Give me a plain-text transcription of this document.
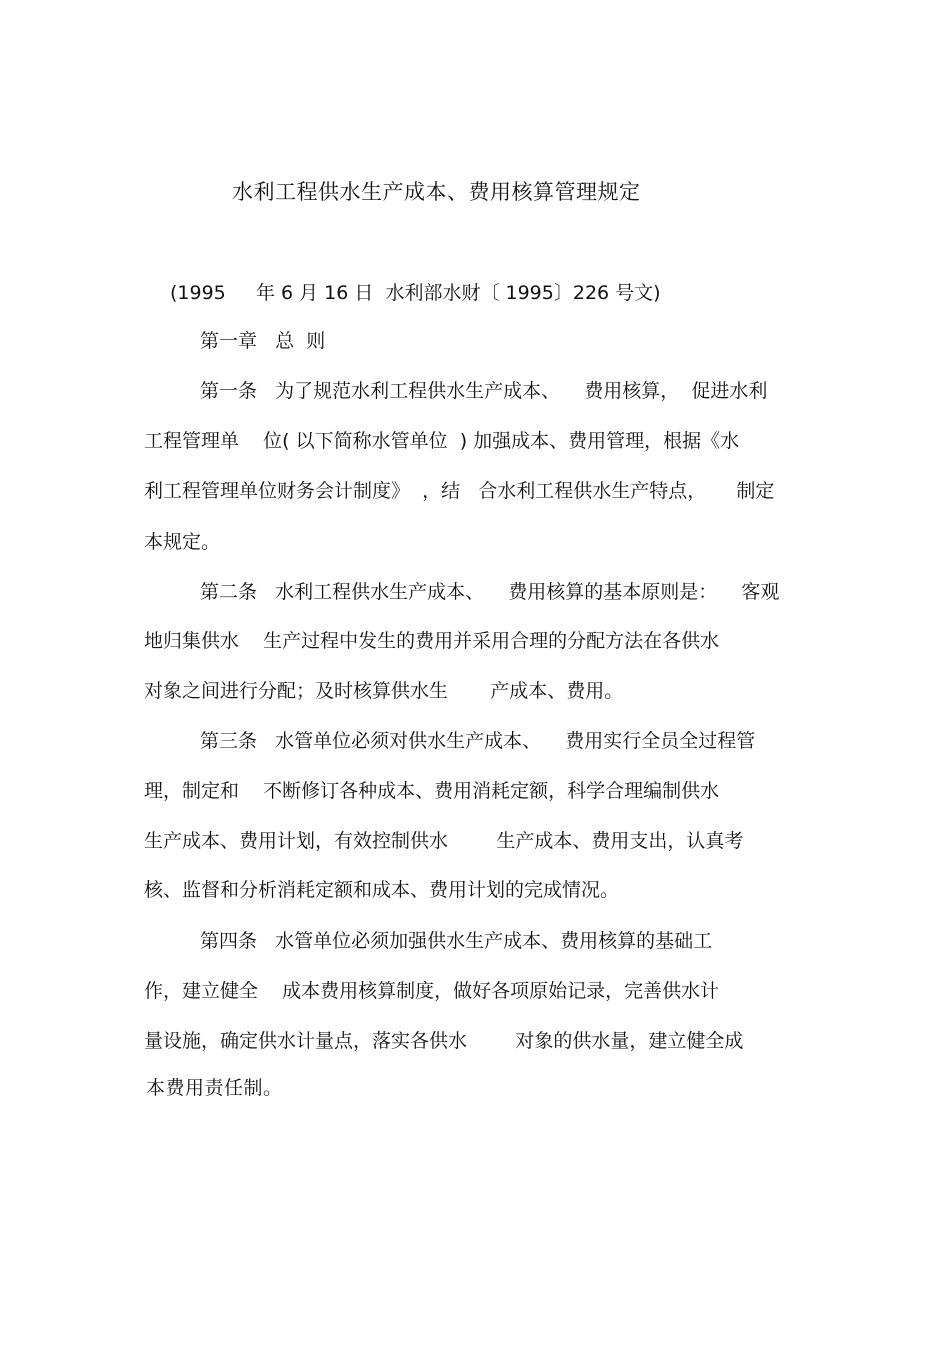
水利工程供水生产成本、费用核算管理规定
(1995     年 6 月 16 日  水利部水财〔 1995〕226 号文)
第一章   总  则
第一条   为了规范水利工程供水生产成本、    费用核算，  促进水利
工程管理单    位( 以下简称水管单位  ) 加强成本、费用管理，根据《水
利工程管理单位财务会计制度》  ，结   合水利工程供水生产特点，     制定
本规定。
第二条   水利工程供水生产成本、    费用核算的基本原则是：    客观
地归集供水    生产过程中发生的费用并采用合理的分配方法在各供水
对象之间进行分配；及时核算供水生       产成本、费用。
第三条   水管单位必须对供水生产成本、    费用实行全员全过程管
理，制定和    不断修订各种成本、费用消耗定额，科学合理编制供水
生产成本、费用计划，有效控制供水        生产成本、费用支出，认真考
核、监督和分析消耗定额和成本、费用计划的完成情况。
第四条   水管单位必须加强供水生产成本、费用核算的基础工
作，建立健全    成本费用核算制度，做好各项原始记录，完善供水计
量设施，确定供水计量点，落实各供水        对象的供水量，建立健全成
本费用责任制。
